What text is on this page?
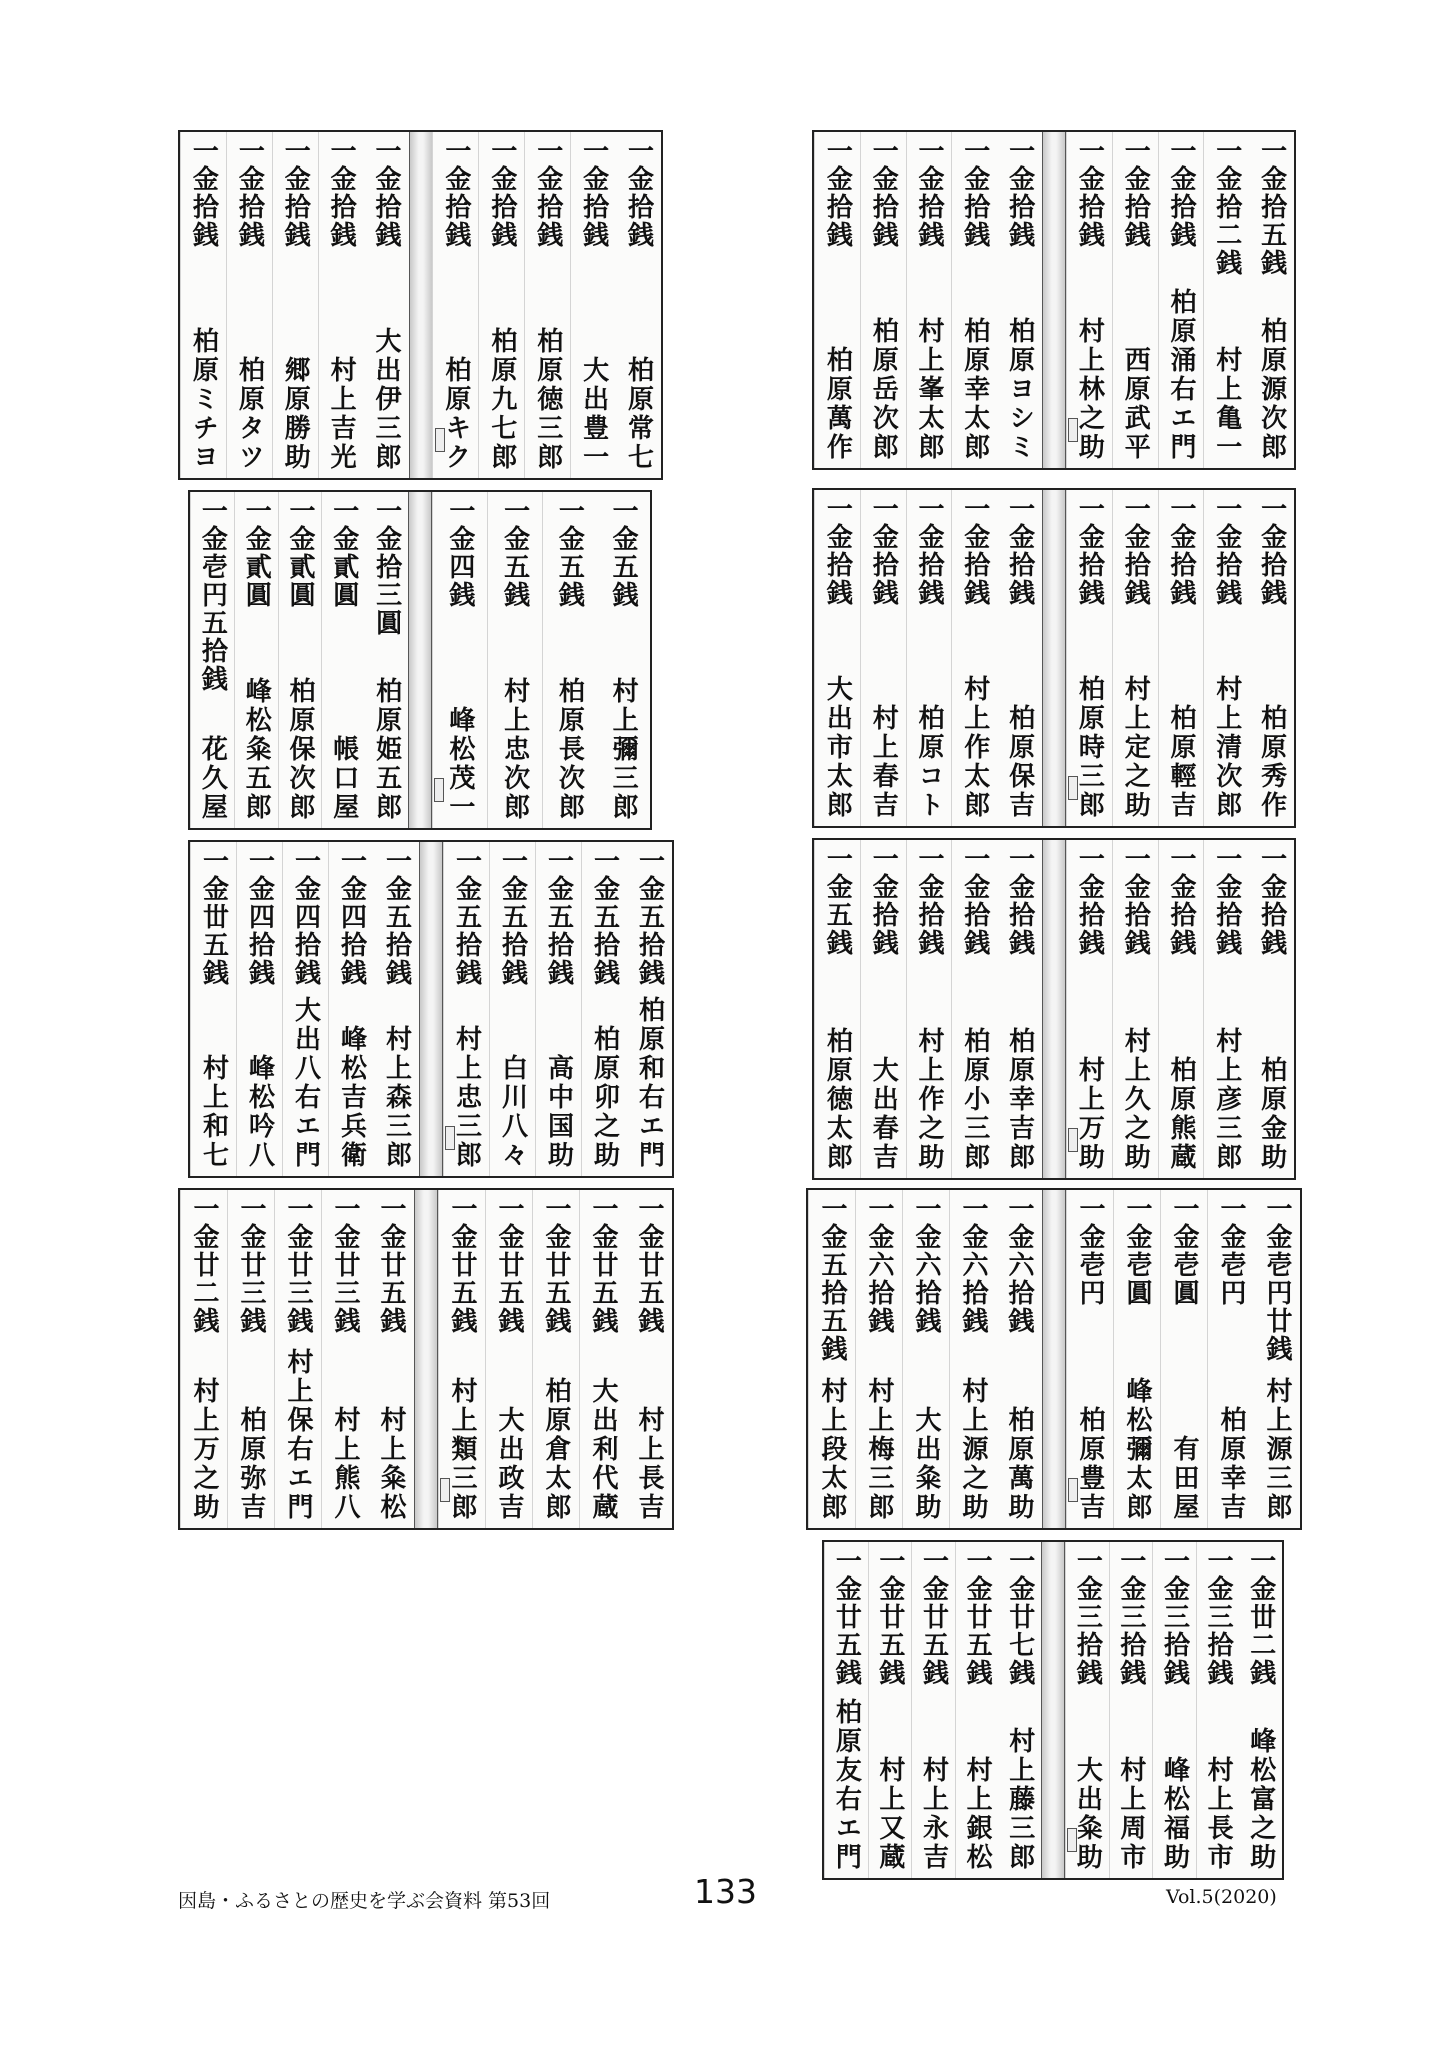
一金拾銭
大出伊三郎
一金拾銭
村上吉光
一金拾銭
郷原勝助
一金拾銭
柏原タツ
一金拾銭
柏原ミチヨ
一金拾銭
柏原常七
一金拾銭
大出豊一
一金拾銭
柏原徳三郎
一金拾銭
柏原九七郎
一金拾銭
柏原キク
一金拾三圓
柏原姫五郎
一金貳圓
帳口屋
一金貳圓
柏原保次郎
一金貳圓
峰松粂五郎
一金壱円五拾銭
花久屋
一金五銭
村上彌三郎
一金五銭
柏原長次郎
一金五銭
村上忠次郎
一金四銭
峰松茂一
一金五拾銭
村上森三郎
一金四拾銭
峰松吉兵衛
一金四拾銭
大出八右エ門
一金四拾銭
峰松吟八
一金丗五銭
村上和七
一金五拾銭
柏原和右エ門
一金五拾銭
柏原卯之助
一金五拾銭
高中国助
一金五拾銭
白川八々
一金五拾銭
村上忠三郎
一金廿五銭
村上粂松
一金廿三銭
村上熊八
一金廿三銭
村上保右エ門
一金廿三銭
柏原弥吉
一金廿二銭
村上万之助
一金廿五銭
村上長吉
一金廿五銭
大出利代蔵
一金廿五銭
柏原倉太郎
一金廿五銭
大出政吉
一金廿五銭
村上類三郎
一金拾銭
柏原ヨシミ
一金拾銭
柏原幸太郎
一金拾銭
村上峯太郎
一金拾銭
柏原岳次郎
一金拾銭
柏原萬作
一金拾五銭
柏原源次郎
一金拾二銭
村上亀一
一金拾銭
柏原涌右エ門
一金拾銭
西原武平
一金拾銭
村上林之助
一金拾銭
柏原保吉
一金拾銭
村上作太郎
一金拾銭
柏原コト
一金拾銭
村上春吉
一金拾銭
大出市太郎
一金拾銭
柏原秀作
一金拾銭
村上清次郎
一金拾銭
柏原輕吉
一金拾銭
村上定之助
一金拾銭
柏原時三郎
一金拾銭
柏原幸吉郎
一金拾銭
柏原小三郎
一金拾銭
村上作之助
一金拾銭
大出春吉
一金五銭
柏原徳太郎
一金拾銭
柏原金助
一金拾銭
村上彦三郎
一金拾銭
柏原熊蔵
一金拾銭
村上久之助
一金拾銭
村上万助
一金六拾銭
柏原萬助
一金六拾銭
村上源之助
一金六拾銭
大出粂助
一金六拾銭
村上梅三郎
一金五拾五銭
村上段太郎
一金壱円廿銭
村上源三郎
一金壱円
柏原幸吉
一金壱圓
有田屋
一金壱圓
峰松彌太郎
一金壱円
柏原豊吉
一金廿七銭
村上藤三郎
一金廿五銭
村上銀松
一金廿五銭
村上永吉
一金廿五銭
村上又蔵
一金廿五銭
柏原友右エ門
一金丗二銭
峰松富之助
一金三拾銭
村上長市
一金三拾銭
峰松福助
一金三拾銭
村上周市
一金三拾銭
大出粂助
因島・ふるさとの歴史を学ぶ会資料 第53回	133	Vol.5(2020)
